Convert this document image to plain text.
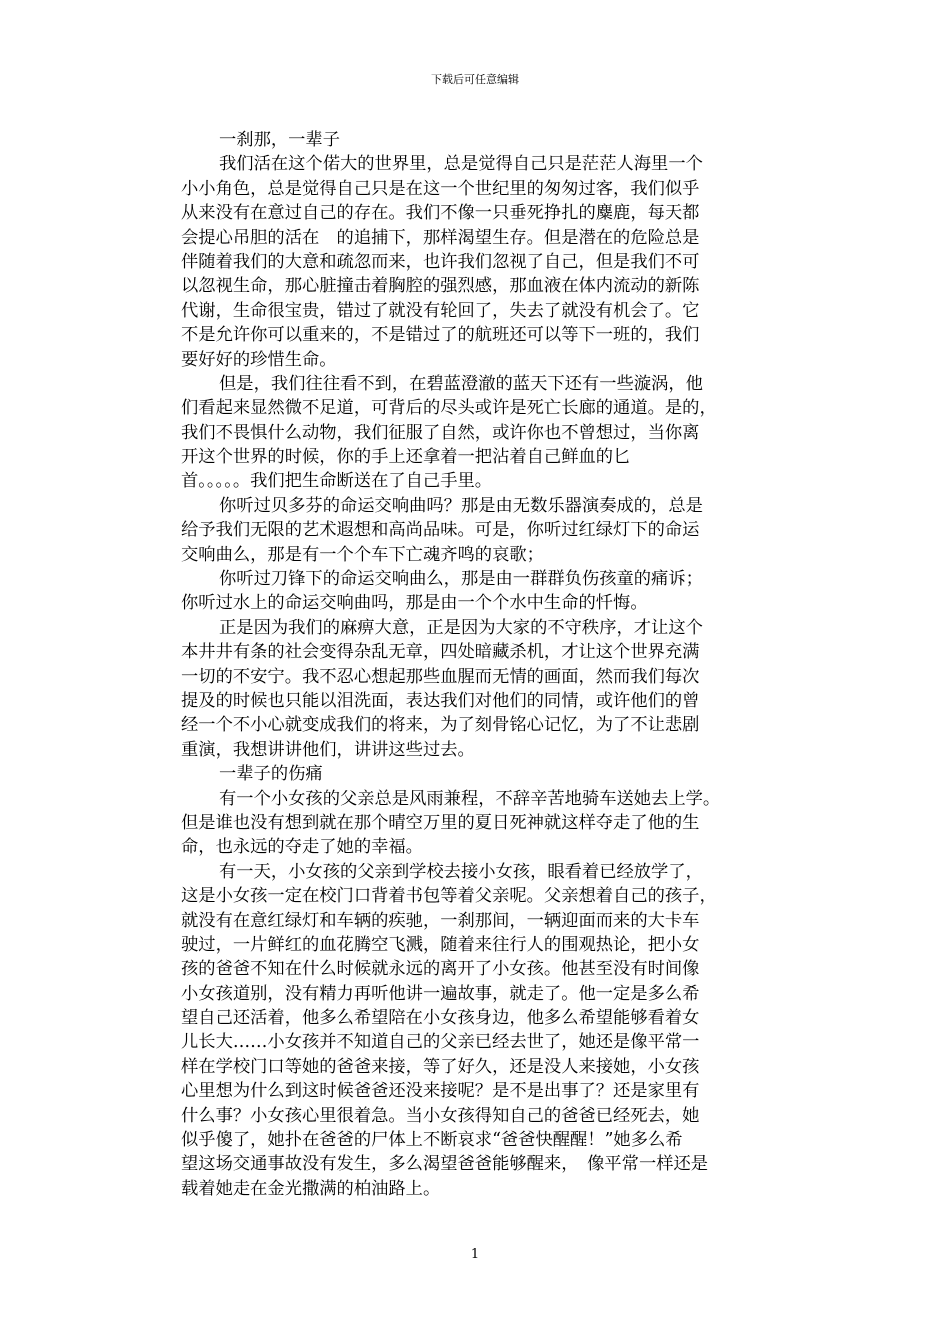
下载后可任意编辑
一刹那，一辈子
我们活在这个偌大的世界里，总是觉得自己只是茫茫人海里一个
小小角色，总是觉得自己只是在这一个世纪里的匆匆过客，我们似乎
从来没有在意过自己的存在。我们不像一只垂死挣扎的麋鹿，每天都
会提心吊胆的活在　的追捕下，那样渴望生存。但是潜在的危险总是
伴随着我们的大意和疏忽而来，也许我们忽视了自己，但是我们不可
以忽视生命，那心脏撞击着胸腔的强烈感，那血液在体内流动的新陈
代谢，生命很宝贵，错过了就没有轮回了，失去了就没有机会了。它
不是允许你可以重来的，不是错过了的航班还可以等下一班的，我们
要好好的珍惜生命。
但是，我们往往看不到，在碧蓝澄澈的蓝天下还有一些漩涡，他
们看起来显然微不足道，可背后的尽头或许是死亡长廊的通道。是的，
我们不畏惧什么动物，我们征服了自然，或许你也不曾想过，当你离
开这个世界的时候，你的手上还拿着一把沾着自己鲜血的匕
首。。。。。我们把生命断送在了自己手里。
你听过贝多芬的命运交响曲吗？那是由无数乐器演奏成的，总是
给予我们无限的艺术遐想和高尚品味。可是，你听过红绿灯下的命运
交响曲么，那是有一个个车下亡魂齐鸣的哀歌；
你听过刀锋下的命运交响曲么，那是由一群群负伤孩童的痛诉；
你听过水上的命运交响曲吗，那是由一个个水中生命的忏悔。
正是因为我们的麻痹大意，正是因为大家的不守秩序，才让这个
本井井有条的社会变得杂乱无章，四处暗藏杀机，才让这个世界充满
一切的不安宁。我不忍心想起那些血腥而无情的画面，然而我们每次
提及的时候也只能以泪洗面，表达我们对他们的同情，或许他们的曾
经一个不小心就变成我们的将来，为了刻骨铭心记忆，为了不让悲剧
重演，我想讲讲他们，讲讲这些过去。
一辈子的伤痛
有一个小女孩的父亲总是风雨兼程，不辞辛苦地骑车送她去上学。
但是谁也没有想到就在那个晴空万里的夏日死神就这样夺走了他的生
命，也永远的夺走了她的幸福。
有一天，小女孩的父亲到学校去接小女孩，眼看着已经放学了，
这是小女孩一定在校门口背着书包等着父亲呢。父亲想着自己的孩子，
就没有在意红绿灯和车辆的疾驰，一刹那间，一辆迎面而来的大卡车
驶过，一片鲜红的血花腾空飞溅，随着来往行人的围观热论，把小女
孩的爸爸不知在什么时候就永远的离开了小女孩。他甚至没有时间像
小女孩道别，没有精力再听他讲一遍故事，就走了。他一定是多么希
望自己还活着，他多么希望陪在小女孩身边，他多么希望能够看着女
儿长大……小女孩并不知道自己的父亲已经去世了，她还是像平常一
样在学校门口等她的爸爸来接，等了好久，还是没人来接她，小女孩
心里想为什么到这时候爸爸还没来接呢？是不是出事了？还是家里有
什么事？小女孩心里很着急。当小女孩得知自己的爸爸已经死去，她
似乎傻了，她扑在爸爸的尸体上不断哀求“爸爸快醒醒！”她多么希
望这场交通事故没有发生，多么渴望爸爸能够醒来，　像平常一样还是
载着她走在金光撒满的柏油路上。
1
